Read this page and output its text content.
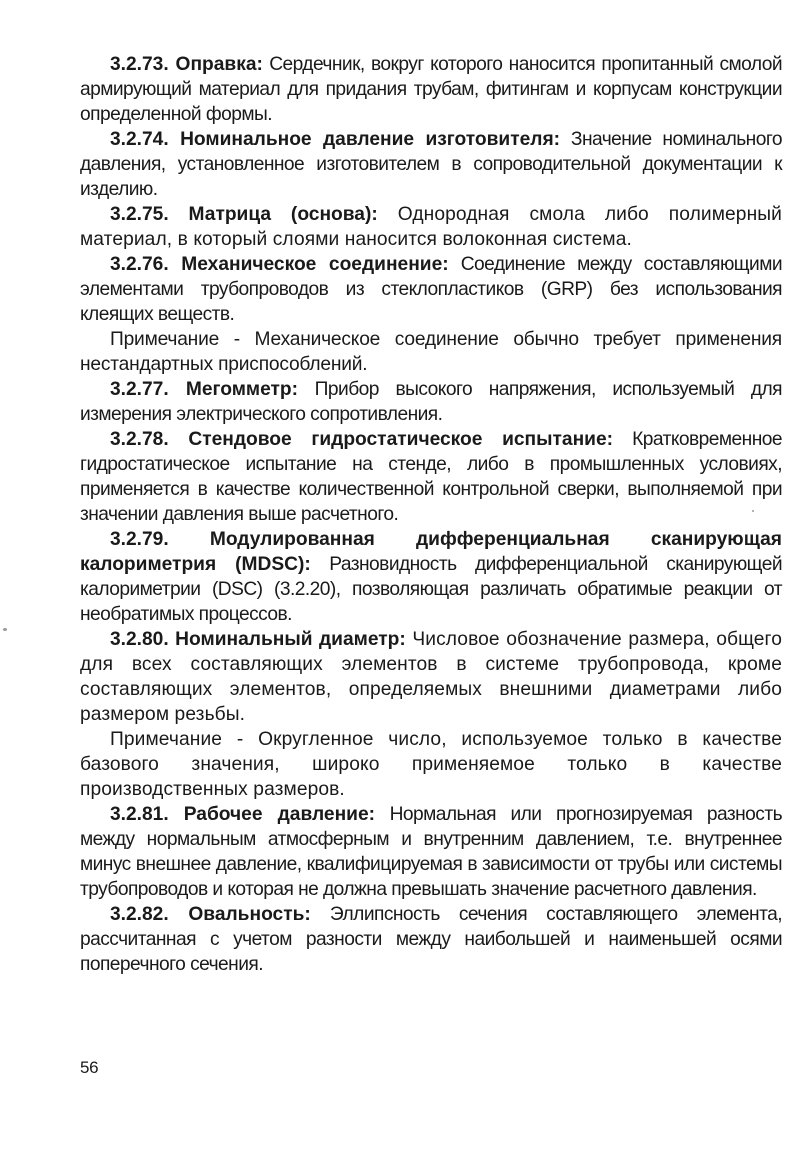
3.2.73. Оправка: Сердечник, вокруг которого наносится пропитанный смолой армирующий материал для придания трубам, фитингам и корпусам конструкции определенной формы.

3.2.74. Номинальное давление изготовителя: Значение номинального давления, установленное изготовителем в сопроводительной документации к изделию.

3.2.75. Матрица (основа): Однородная смола либо полимерный материал, в который слоями наносится волоконная система.

3.2.76. Механическое соединение: Соединение между составляющими элементами трубопроводов из стеклопластиков (GRP) без использования клеящих веществ.

Примечание - Механическое соединение обычно требует применения нестандартных приспособлений.

3.2.77. Мегомметр: Прибор высокого напряжения, используемый для измерения электрического сопротивления.

3.2.78. Стендовое гидростатическое испытание: Кратковременное гидростатическое испытание на стенде, либо в промышленных условиях, применяется в качестве количественной контрольной сверки, выполняемой при значении давления выше расчетного.

3.2.79. Модулированная дифференциальная сканирующая калориметрия (MDSC): Разновидность дифференциальной сканирующей калориметрии (DSC) (3.2.20), позволяющая различать обратимые реакции от необратимых процессов.

3.2.80. Номинальный диаметр: Числовое обозначение размера, общего для всех составляющих элементов в системе трубопровода, кроме составляющих элементов, определяемых внешними диаметрами либо размером резьбы.

Примечание - Округленное число, используемое только в качестве базового значения, широко применяемое только в качестве производственных размеров.

3.2.81. Рабочее давление: Нормальная или прогнозируемая разность между нормальным атмосферным и внутренним давлением, т.е. внутреннее минус внешнее давление, квалифицируемая в зависимости от трубы или системы трубопроводов и которая не должна превышать значение расчетного давления.

3.2.82. Овальность: Эллипсность сечения составляющего элемента, рассчитанная с учетом разности между наибольшей и наименьшей осями поперечного сечения.

56
